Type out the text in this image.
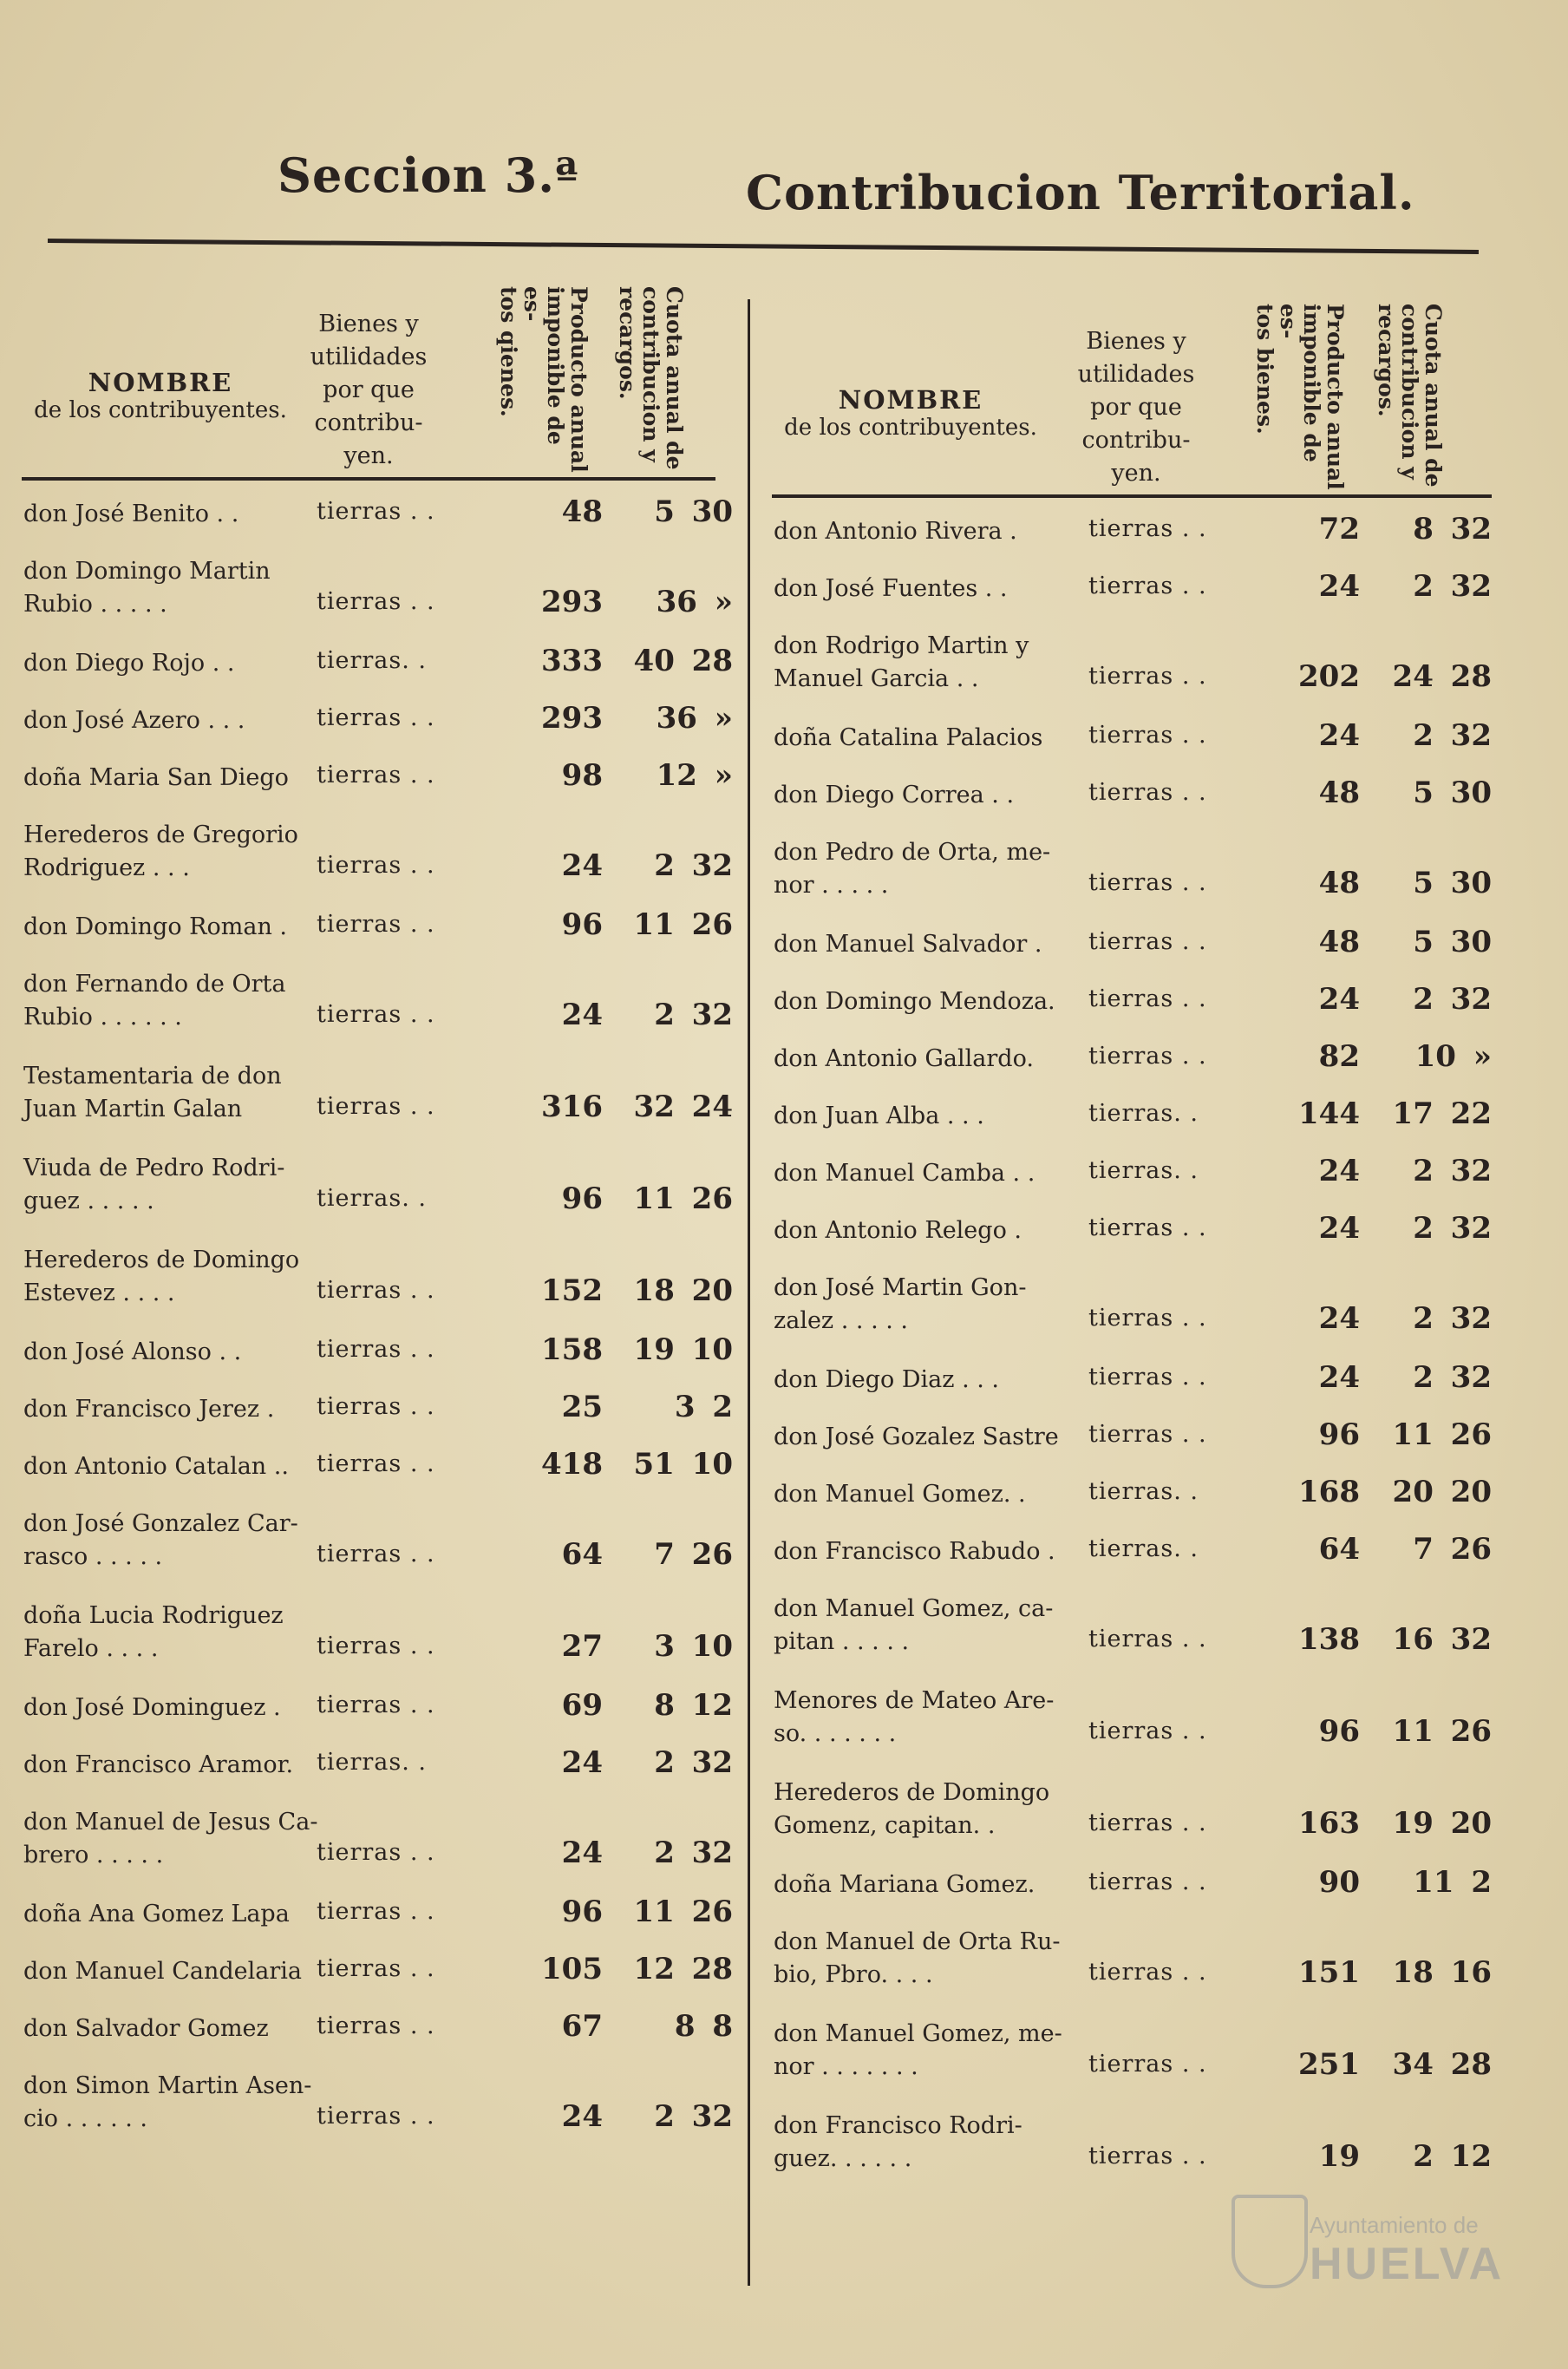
Seccion 3.ª	Contribucion Territorial.
NOMBRE
de los contribuyentes.
Bienes y utilidades por que contribu- yen.
Producto anual
imponible de es-
tos qienes.
Cuota anual de
contribucion y
recargos.
don José Benito . .	tierras . .	48	5 30
don Domingo Martin
Rubio . . . . .	tierras . .	293	36 »
don Diego Rojo . .	tierras. .	333	40 28
don José Azero . . .	tierras . .	293	36 »
doña Maria San Diego	tierras . .	98	12 »
Herederos de Gregorio
Rodriguez . . .	tierras . .	24	2 32
don Domingo Roman .	tierras . .	96	11 26
don Fernando de Orta
Rubio . . . . . .	tierras . .	24	2 32
Testamentaria de don
Juan Martin Galan	tierras . .	316	32 24
Viuda de Pedro Rodri-
guez . . . . .	tierras. .	96	11 26
Herederos de Domingo
Estevez . . . .	tierras . .	152	18 20
don José Alonso . .	tierras . .	158	19 10
don Francisco Jerez .	tierras . .	25	3 2
don Antonio Catalan ..	tierras . .	418	51 10
don José Gonzalez Car-
rasco . . . . .	tierras . .	64	7 26
doña Lucia Rodriguez
Farelo . . . .	tierras . .	27	3 10
don José Dominguez .	tierras . .	69	8 12
don Francisco Aramor. tierras. .	24	2 32
don Manuel de Jesus Ca-
brero . . . . .	tierras . .	24	2 32
doña Ana Gomez Lapa	tierras . .	96	11 26
don Manuel Candelaria tierras . .	105	12 28
don Salvador Gomez	tierras . .	67	8 8
don Simon Martin Asen-
cio . . . . . .	tierras . .	24	2 32
NOMBRE
de los contribuyentes.
Bienes y utilidades por que contribu- yen.
Producto anual
imponible de es-
tos bienes.
Cuota anual de
contribucion y
recargos.
don Antonio Rivera .	tierras . .	72	8 32
don José Fuentes . .	tierras . .	24	2 32
don Rodrigo Martin y
Manuel Garcia . .	tierras . .	202	24 28
doña Catalina Palacios	tierras . .	24	2 32
don Diego Correa . .	tierras . .	48	5 30
don Pedro de Orta, me-
nor . . . . .	tierras . .	48	5 30
don Manuel Salvador .	tierras . .	48	5 30
don Domingo Mendoza.	tierras . .	24	2 32
don Antonio Gallardo.	tierras . .	82	10 »
don Juan Alba . . .	tierras. .	144	17 22
don Manuel Camba . .	tierras. .	24	2 32
don Antonio Relego .	tierras . .	24	2 32
don José Martin Gon-
zalez . . . . .	tierras . .	24	2 32
don Diego Diaz . . .	tierras . .	24	2 32
don José Gozalez Sastre	tierras . .	96	11 26
don Manuel Gomez. .	tierras. .	168	20 20
don Francisco Rabudo .	tierras. .	64	7 26
don Manuel Gomez, ca-
pitan . . . . .	tierras . .	138	16 32
Menores de Mateo Are-
so. . . . . . .	tierras . .	96	11 26
Herederos de Domingo
Gomenz, capitan. .	tierras . .	163	19 20
doña Mariana Gomez.	tierras . .	90	11 2
don Manuel de Orta Ru-
bio, Pbro. . . .	tierras . .	151	18 16
don Manuel Gomez, me-
nor . . . . . . .	tierras . .	251	34 28
don Francisco Rodri-
guez. . . . . .	tierras . .	19	2 12
Ayuntamiento de
HUELVA
